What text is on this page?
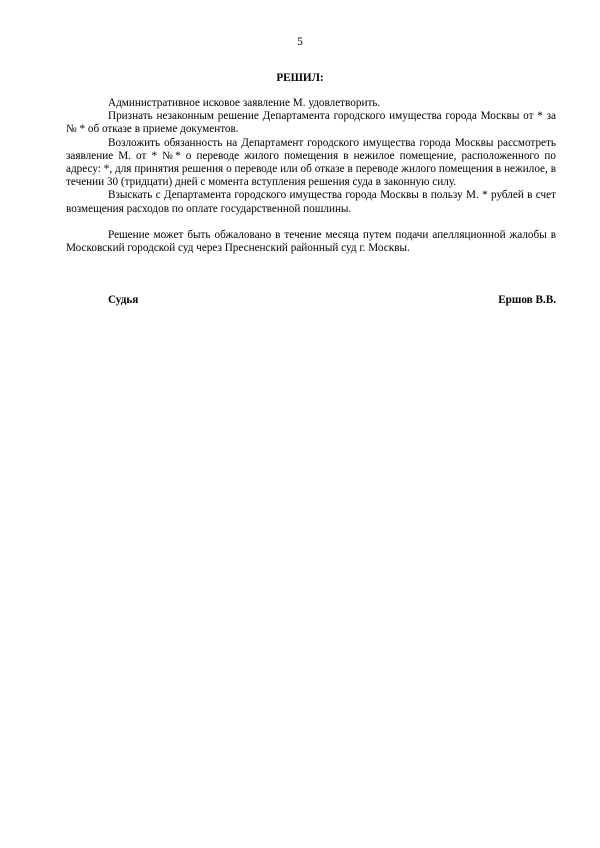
5
РЕШИЛ:

Административное исковое заявление М. удовлетворить.

Признать незаконным решение Департамента городского имущества города Москвы от * за № * об отказе в приеме документов.

Возложить обязанность на Департамент городского имущества города Москвы рассмотреть заявление М. от * №* о переводе жилого помещения в нежилое помещение, расположенного по адресу: *, для принятия решения о переводе или об отказе в переводе жилого помещения в нежилое, в течении 30 (тридцати) дней с момента вступления решения суда в законную силу.

Взыскать с Департамента городского имущества города Москвы в пользу М. * рублей в счет возмещения расходов по оплате государственной пошлины.

Решение может быть обжаловано в течение месяца путем подачи апелляционной жалобы в Московский городской суд через Пресненский районный суд г. Москвы.

Судья	Ершов В.В.
